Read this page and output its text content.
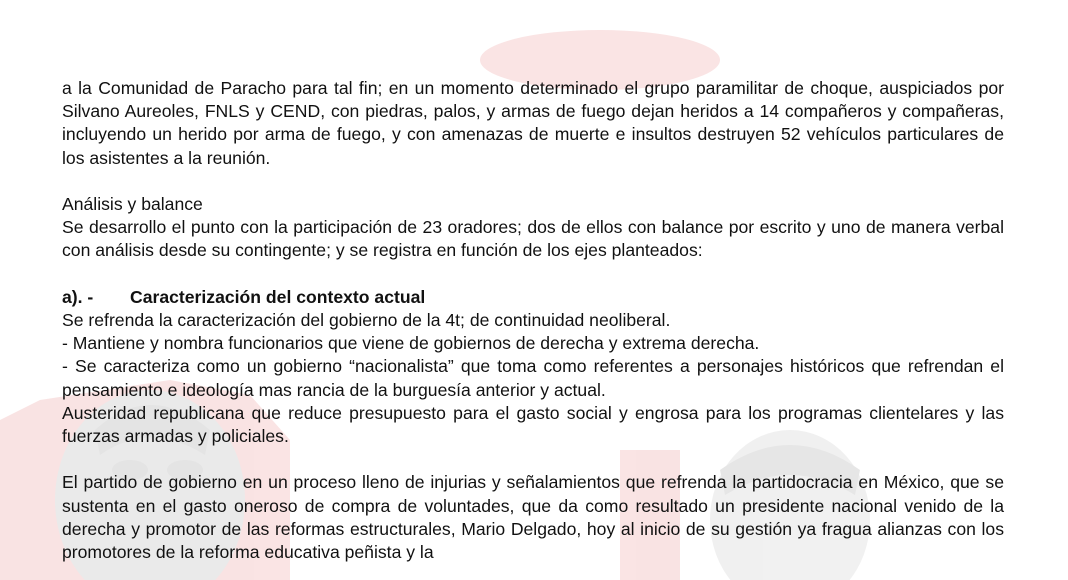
a la Comunidad de Paracho para tal fin; en un momento determinado el grupo paramilitar de choque, auspiciados por Silvano Aureoles, FNLS y CEND, con piedras, palos, y armas de fuego dejan heridos a 14 compañeros y compañeras, incluyendo un herido por arma de fuego, y con amenazas de muerte e insultos destruyen 52 vehículos particulares de los asistentes a la reunión.

Análisis y balance

Se desarrollo el punto con la participación de 23 oradores; dos de ellos con balance por escrito y uno de manera verbal con análisis desde su contingente; y se registra en función de los ejes planteados:

a). - Caracterización del contexto actual

Se refrenda la caracterización del gobierno de la 4t; de continuidad neoliberal.

- Mantiene y nombra funcionarios que viene de gobiernos de derecha y extrema derecha.

- Se caracteriza como un gobierno “nacionalista” que toma como referentes a personajes históricos que refrendan el pensamiento e ideología mas rancia de la burguesía anterior y actual.

Austeridad republicana que reduce presupuesto para el gasto social y engrosa para los programas clientelares y las fuerzas armadas y policiales.

El partido de gobierno en un proceso lleno de injurias y señalamientos que refrenda la partidocracia en México, que se sustenta en el gasto oneroso de compra de voluntades, que da como resultado un presidente nacional venido de la derecha y promotor de las reformas estructurales, Mario Delgado, hoy al inicio de su gestión ya fragua alianzas con los promotores de la reforma educativa peñista y la
